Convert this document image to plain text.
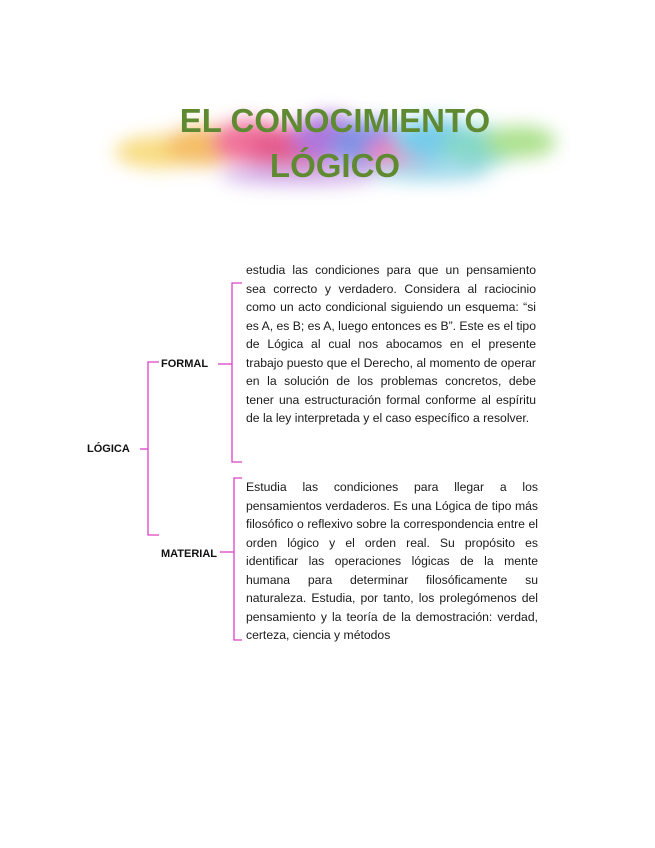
EL CONOCIMIENTO
LÓGICO
LÓGICA
FORMAL
MATERIAL
estudia las condiciones para que un pensamiento sea correcto y verdadero. Considera al raciocinio como un acto condicional siguiendo un esquema: “si es A, es B; es A, luego entonces es B”. Este es el tipo de Lógica al cual nos abocamos en el presente trabajo puesto que el Derecho, al momento de operar en la solución de los problemas concretos, debe tener una estructuración formal conforme al espíritu de la ley interpretada y el caso específico a resolver.
Estudia las condiciones para llegar a los pensamientos verdaderos. Es una Lógica de tipo más filosófico o reflexivo sobre la correspondencia entre el orden lógico y el orden real. Su propósito es identificar las operaciones lógicas de la mente humana para determinar filosóficamente su naturaleza. Estudia, por tanto, los prolegómenos del pensamiento y la teoría de la demostración: verdad, certeza, ciencia y métodos
